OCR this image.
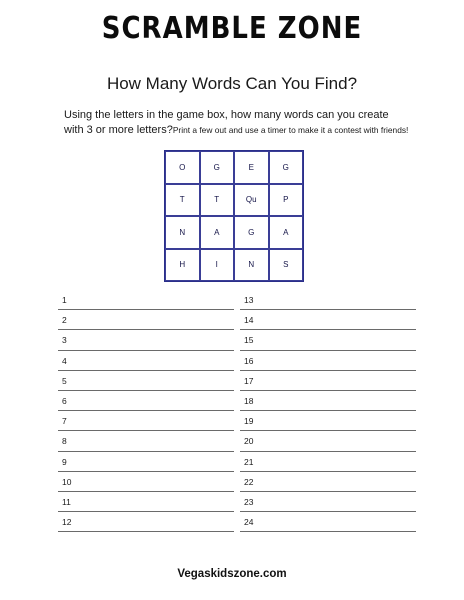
SCRAMBLE ZONE
How Many Words Can You Find?
Using the letters in the game box, how many words can you create
with 3 or more letters?Print a few out and use a timer to make it a contest with friends!
O	G	E	G
T	T	Qu	P
N	A	G	A
H	I	N	S
1
2
3
4
5
6
7
8
9
10
11
12
13
14
15
16
17
18
19
20
21
22
23
24
Vegaskidszone.com
